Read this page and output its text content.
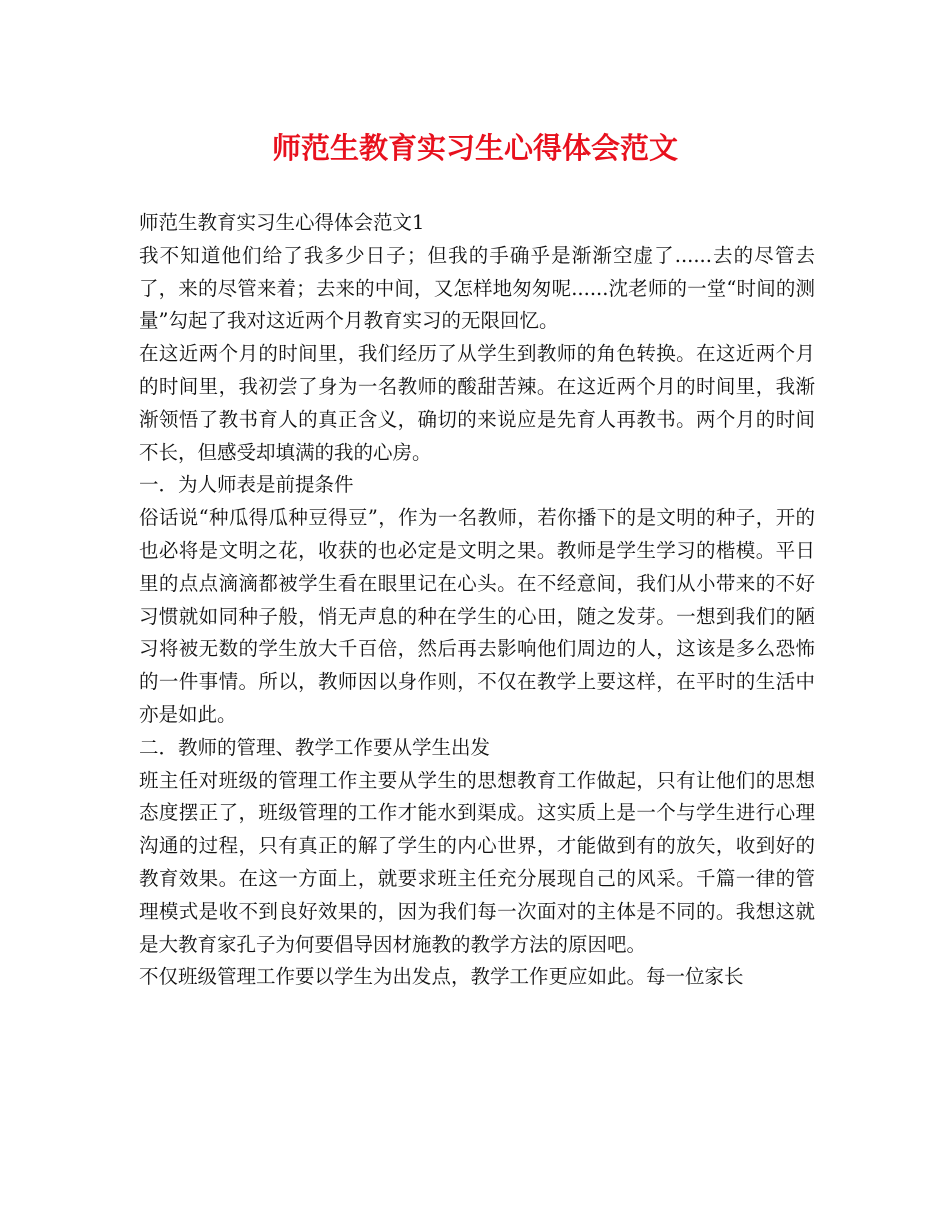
师范生教育实习生心得体会范文

师范生教育实习生心得体会范文1

我不知道他们给了我多少日子；但我的手确乎是渐渐空虚了......去的尽管去了，来的尽管来着；去来的中间，又怎样地匆匆呢......沈老师的一堂“时间的测量”勾起了我对这近两个月教育实习的无限回忆。

在这近两个月的时间里，我们经历了从学生到教师的角色转换。在这近两个月的时间里，我初尝了身为一名教师的酸甜苦辣。在这近两个月的时间里，我渐渐领悟了教书育人的真正含义，确切的来说应是先育人再教书。两个月的时间不长，但感受却填满的我的心房。

一．为人师表是前提条件

俗话说“种瓜得瓜种豆得豆”，作为一名教师，若你播下的是文明的种子，开的也必将是文明之花，收获的也必定是文明之果。教师是学生学习的楷模。平日里的点点滴滴都被学生看在眼里记在心头。在不经意间，我们从小带来的不好习惯就如同种子般，悄无声息的种在学生的心田，随之发芽。一想到我们的陋习将被无数的学生放大千百倍，然后再去影响他们周边的人，这该是多么恐怖的一件事情。所以，教师因以身作则，不仅在教学上要这样，在平时的生活中亦是如此。

二．教师的管理、教学工作要从学生出发

班主任对班级的管理工作主要从学生的思想教育工作做起，只有让他们的思想态度摆正了，班级管理的工作才能水到渠成。这实质上是一个与学生进行心理沟通的过程，只有真正的解了学生的内心世界，才能做到有的放矢，收到好的教育效果。在这一方面上，就要求班主任充分展现自己的风采。千篇一律的管理模式是收不到良好效果的，因为我们每一次面对的主体是不同的。我想这就是大教育家孔子为何要倡导因材施教的教学方法的原因吧。

不仅班级管理工作要以学生为出发点，教学工作更应如此。每一位家长
